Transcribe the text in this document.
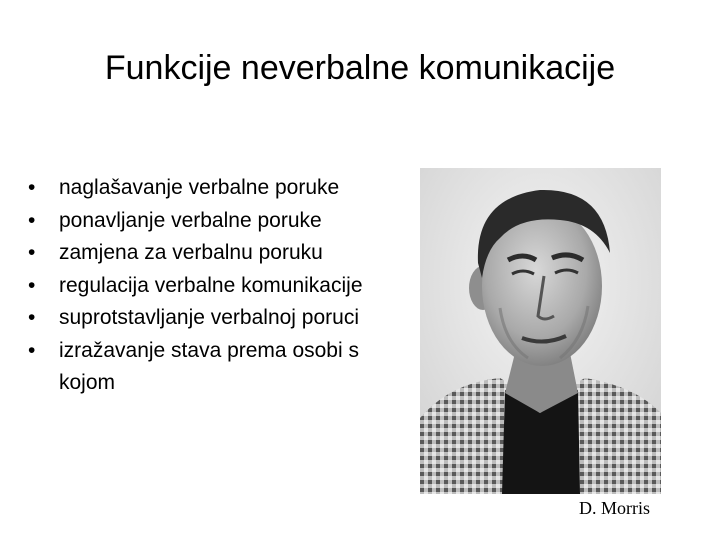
Funkcije neverbalne komunikacije
•	naglašavanje verbalne poruke
•	ponavljanje verbalne poruke
•	zamjena za verbalnu poruku
•	regulacija verbalne komunikacije
•	suprotstavljanje verbalnoj poruci
•	izražavanje stava prema osobi s kojom
D. Morris
